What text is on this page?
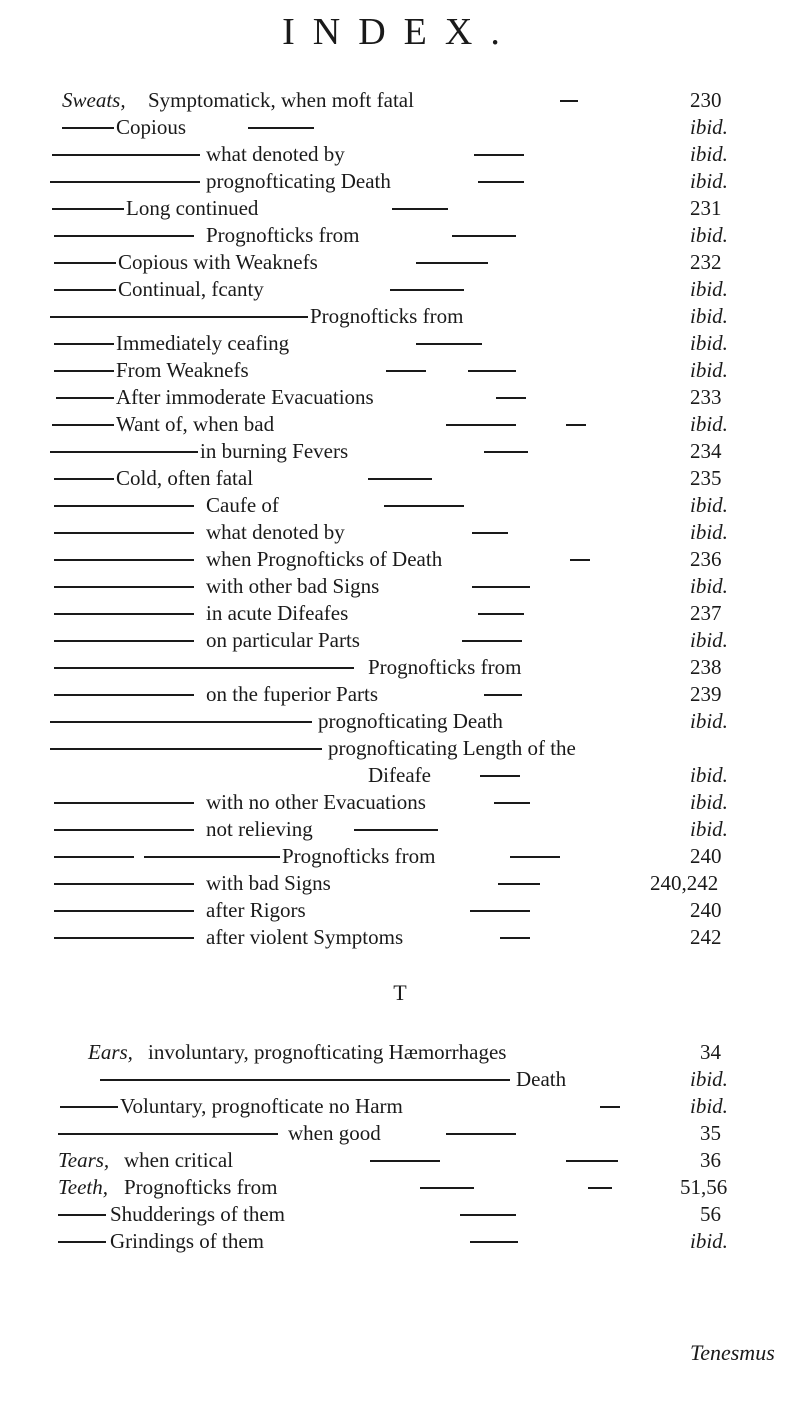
INDEX.
Sweats, Symptomatick, when moft fatal	230
Copious	ibid.
what denoted by	ibid.
prognofticating Death	ibid.
Long continued	231
Prognofticks from	ibid.
Copious with Weaknefs	232
Continual, fcanty	ibid.
Prognofticks from	ibid.
Immediately ceafing	ibid.
From Weaknefs	ibid.
After immoderate Evacuations	233
Want of, when bad	ibid.
in burning Fevers	234
Cold, often fatal	235
Caufe of	ibid.
what denoted by	ibid.
when Prognofticks of Death	236
with other bad Signs	ibid.
in acute Difeafes	237
on particular Parts	ibid.
Prognofticks from	238
on the fuperior Parts	239
prognofticating Death	ibid.
prognofticating Length of the
Difeafe	ibid.
with no other Evacuations	ibid.
not relieving	ibid.
Prognofticks from	240
with bad Signs	240,242
after Rigors	240
after violent Symptoms	242
T
Ears, involuntary, prognofticating Hæmorrhages	34
Death	ibid.
Voluntary, prognofticate no Harm	ibid.
when good	35
Tears, when critical	36
Teeth, Prognofticks from	51,56
Shudderings of them	56
Grindings of them	ibid.
Tenesmus
